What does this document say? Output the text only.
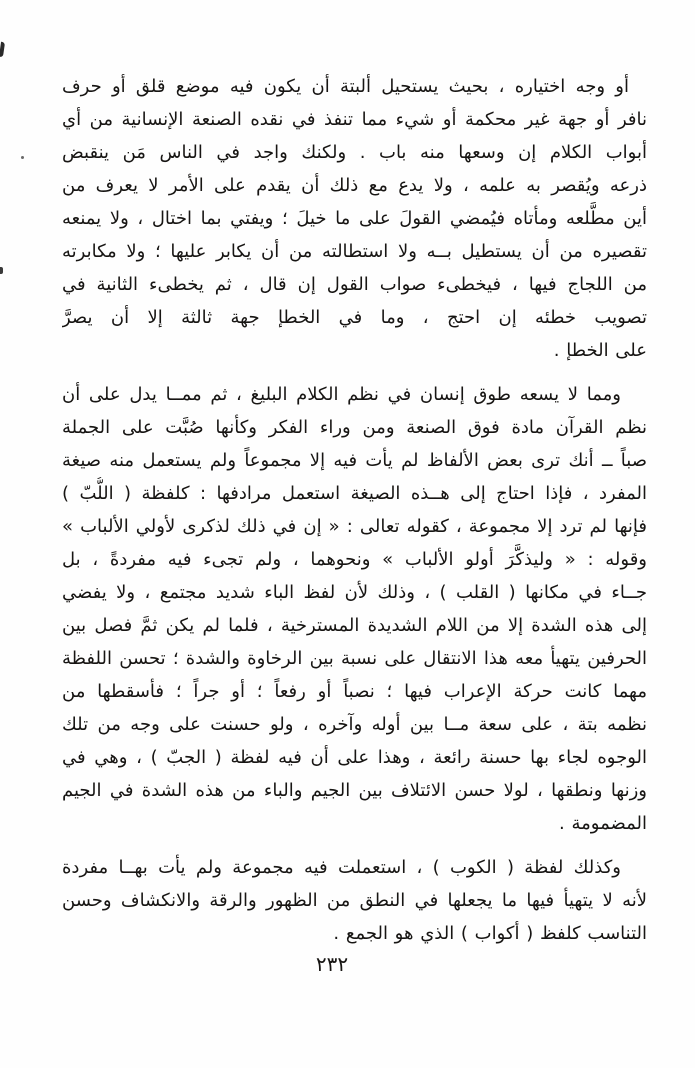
أو وجه اختياره ، بحيث يستحيل ألبتة أن يكون فيه موضع قلق أو حرف
نافر أو جهة غير محكمة أو شيء مما تنفذ في نقده الصنعة الإنسانية من أي
أبواب الكلام إن وسعها منه باب . ولكنك واجد في الناس مَن ينقبض
ذرعه ويُقصر به علمه ، ولا يدع مع ذلك أن يقدم على الأمر لا يعرف من
أين مطَّلعه ومأتاه فيُمضي القولَ على ما خيلَ ؛ ويفتي بما اختال ، ولا يمنعه
تقصيره من أن يستطيل بــه ولا استطالته من أن يكابر عليها ؛ ولا مكابرته
من اللجاج فيها ، فيخطىء صواب القول إن قال ، ثم يخطىء الثانية في
تصويب خطئه إن احتج ، وما في الخطإ جهة ثالثة إلا أن يصرَّ
على الخطإ .
ومما لا يسعه طوق إنسان في نظم الكلام البليغ ، ثم ممــا يدل على أن
نظم القرآن مادة فوق الصنعة ومن وراء الفكر وكأنها صُبَّت على الجملة
صباً ــ أنك ترى بعض الألفاظ لم يأت فيه إلا مجموعاً ولم يستعمل منه صيغة
المفرد ، فإذا احتاج إلى هــذه الصيغة استعمل مرادفها : كلفظة ( اللُّبّ )
فإنها لم ترد إلا مجموعة ، كقوله تعالى : « إن في ذلك لذكرى لأولي الألباب »
وقوله : « وليذكَّرَ أولو الألباب » ونحوهما ، ولم تجىء فيه مفردةً ، بل
جــاء في مكانها ( القلب ) ، وذلك لأن لفظ الباء شديد مجتمع ، ولا يفضي
إلى هذه الشدة إلا من اللام الشديدة المسترخية ، فلما لم يكن ثمَّ فصل بين
الحرفين يتهيأ معه هذا الانتقال على نسبة بين الرخاوة والشدة ؛ تحسن اللفظة
مهما كانت حركة الإعراب فيها ؛ نصباً أو رفعاً ؛ أو جراً ؛ فأسقطها من
نظمه بتة ، على سعة مــا بين أوله وآخره ، ولو حسنت على وجه من تلك
الوجوه لجاء بها حسنة رائعة ، وهذا على أن فيه لفظة ( الجبّ ) ، وهي في
وزنها ونطقها ، لولا حسن الائتلاف بين الجيم والباء من هذه الشدة في الجيم
المضمومة .
وكذلك لفظة ( الكوب ) ، استعملت فيه مجموعة ولم يأت بهــا مفردة
لأنه لا يتهيأ فيها ما يجعلها في النطق من الظهور والرقة والانكشاف وحسن
التناسب كلفظ ( أكواب ) الذي هو الجمع .
٢٣٢
